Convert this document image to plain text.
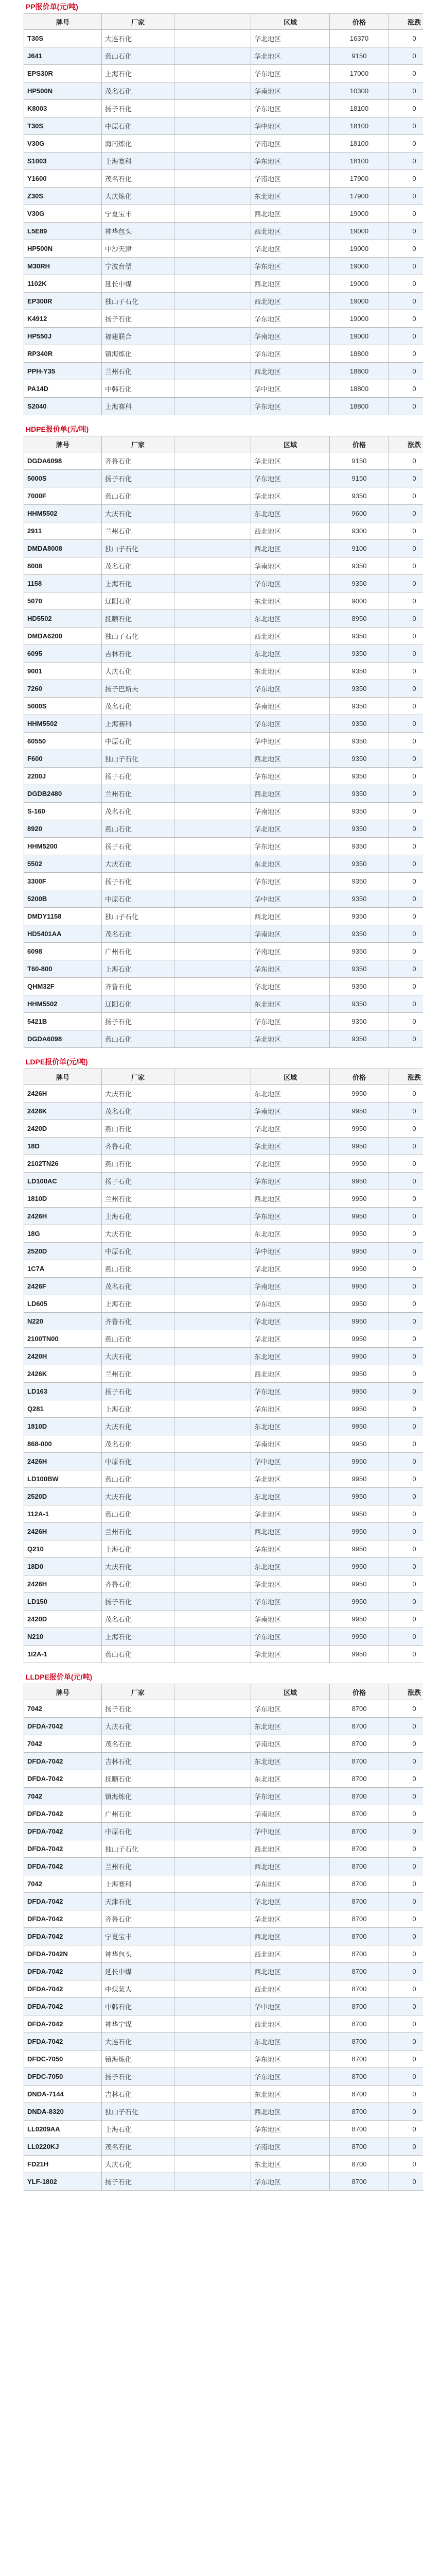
PP报价单(元/吨)
牌号	厂家		区域	价格	涨跌
T30S	大连石化		华北地区	16370	0
J641	燕山石化		华北地区	9150	0
EPS30R	上海石化		华东地区	17000	0
HP500N	茂名石化		华南地区	10300	0
K8003	扬子石化		华东地区	18100	0
T30S	中原石化		华中地区	18100	0
V30G	海南炼化		华南地区	18100	0
S1003	上海赛科		华东地区	18100	0
Y1600	茂名石化		华南地区	17900	0
Z30S	大庆炼化		东北地区	17900	0
V30G	宁夏宝丰		西北地区	19000	0
L5E89	神华包头		西北地区	19000	0
HP500N	中沙天津		华北地区	19000	0
M30RH	宁波台塑		华东地区	19000	0
1102K	延长中煤		西北地区	19000	0
EP300R	独山子石化		西北地区	19000	0
K4912	扬子石化		华东地区	19000	0
HP550J	福建联合		华南地区	19000	0
RP340R	镇海炼化		华东地区	18800	0
PPH-Y35	兰州石化		西北地区	18800	0
PA14D	中韩石化		华中地区	18800	0
S2040	上海赛科		华东地区	18800	0
HDPE报价单(元/吨)
牌号	厂家		区域	价格	涨跌
DGDA6098	齐鲁石化		华北地区	9150	0
5000S	扬子石化		华东地区	9150	0
7000F	燕山石化		华北地区	9350	0
HHM5502	大庆石化		东北地区	9600	0
2911	兰州石化		西北地区	9300	0
DMDA8008	独山子石化		西北地区	9100	0
8008	茂名石化		华南地区	9350	0
1158	上海石化		华东地区	9350	0
5070	辽阳石化		东北地区	9000	0
HD5502	抚顺石化		东北地区	8950	0
DMDA6200	独山子石化		西北地区	9350	0
6095	吉林石化		东北地区	9350	0
9001	大庆石化		东北地区	9350	0
7260	扬子巴斯夫		华东地区	9350	0
5000S	茂名石化		华南地区	9350	0
HHM5502	上海赛科		华东地区	9350	0
60550	中原石化		华中地区	9350	0
F600	独山子石化		西北地区	9350	0
2200J	扬子石化		华东地区	9350	0
DGDB2480	兰州石化		西北地区	9350	0
S-160	茂名石化		华南地区	9350	0
8920	燕山石化		华北地区	9350	0
HHM5200	扬子石化		华东地区	9350	0
5502	大庆石化		东北地区	9350	0
3300F	扬子石化		华东地区	9350	0
5200B	中原石化		华中地区	9350	0
DMDY1158	独山子石化		西北地区	9350	0
HD5401AA	茂名石化		华南地区	9350	0
6098	广州石化		华南地区	9350	0
T60-800	上海石化		华东地区	9350	0
QHM32F	齐鲁石化		华北地区	9350	0
HHM5502	辽阳石化		东北地区	9350	0
5421B	扬子石化		华东地区	9350	0
DGDA6098	燕山石化		华北地区	9350	0
LDPE报价单(元/吨)
牌号	厂家		区域	价格	涨跌
2426H	大庆石化		东北地区	9950	0
2426K	茂名石化		华南地区	9950	0
2420D	燕山石化		华北地区	9950	0
18D	齐鲁石化		华北地区	9950	0
2102TN26	燕山石化		华北地区	9950	0
LD100AC	扬子石化		华东地区	9950	0
1810D	兰州石化		西北地区	9950	0
2426H	上海石化		华东地区	9950	0
18G	大庆石化		东北地区	9950	0
2520D	中原石化		华中地区	9950	0
1C7A	燕山石化		华北地区	9950	0
2426F	茂名石化		华南地区	9950	0
LD605	上海石化		华东地区	9950	0
N220	齐鲁石化		华北地区	9950	0
2100TN00	燕山石化		华北地区	9950	0
2420H	大庆石化		东北地区	9950	0
2426K	兰州石化		西北地区	9950	0
LD163	扬子石化		华东地区	9950	0
Q281	上海石化		华东地区	9950	0
1810D	大庆石化		东北地区	9950	0
868-000	茂名石化		华南地区	9950	0
2426H	中原石化		华中地区	9950	0
LD100BW	燕山石化		华北地区	9950	0
2520D	大庆石化		东北地区	9950	0
112A-1	燕山石化		华北地区	9950	0
2426H	兰州石化		西北地区	9950	0
Q210	上海石化		华东地区	9950	0
18D0	大庆石化		东北地区	9950	0
2426H	齐鲁石化		华北地区	9950	0
LD150	扬子石化		华东地区	9950	0
2420D	茂名石化		华南地区	9950	0
N210	上海石化		华东地区	9950	0
1I2A-1	燕山石化		华北地区	9950	0
LLDPE报价单(元/吨)
牌号	厂家		区域	价格	涨跌
7042	扬子石化		华东地区	8700	0
DFDA-7042	大庆石化		东北地区	8700	0
7042	茂名石化		华南地区	8700	0
DFDA-7042	吉林石化		东北地区	8700	0
DFDA-7042	抚顺石化		东北地区	8700	0
7042	镇海炼化		华东地区	8700	0
DFDA-7042	广州石化		华南地区	8700	0
DFDA-7042	中原石化		华中地区	8700	0
DFDA-7042	独山子石化		西北地区	8700	0
DFDA-7042	兰州石化		西北地区	8700	0
7042	上海赛科		华东地区	8700	0
DFDA-7042	天津石化		华北地区	8700	0
DFDA-7042	齐鲁石化		华北地区	8700	0
DFDA-7042	宁夏宝丰		西北地区	8700	0
DFDA-7042N	神华包头		西北地区	8700	0
DFDA-7042	延长中煤		西北地区	8700	0
DFDA-7042	中煤蒙大		西北地区	8700	0
DFDA-7042	中韩石化		华中地区	8700	0
DFDA-7042	神华宁煤		西北地区	8700	0
DFDA-7042	大连石化		东北地区	8700	0
DFDC-7050	镇海炼化		华东地区	8700	0
DFDC-7050	扬子石化		华东地区	8700	0
DNDA-7144	吉林石化		东北地区	8700	0
DNDA-8320	独山子石化		西北地区	8700	0
LL0209AA	上海石化		华东地区	8700	0
LL0220KJ	茂名石化		华南地区	8700	0
FD21H	大庆石化		东北地区	8700	0
YLF-1802	扬子石化		华东地区	8700	0
